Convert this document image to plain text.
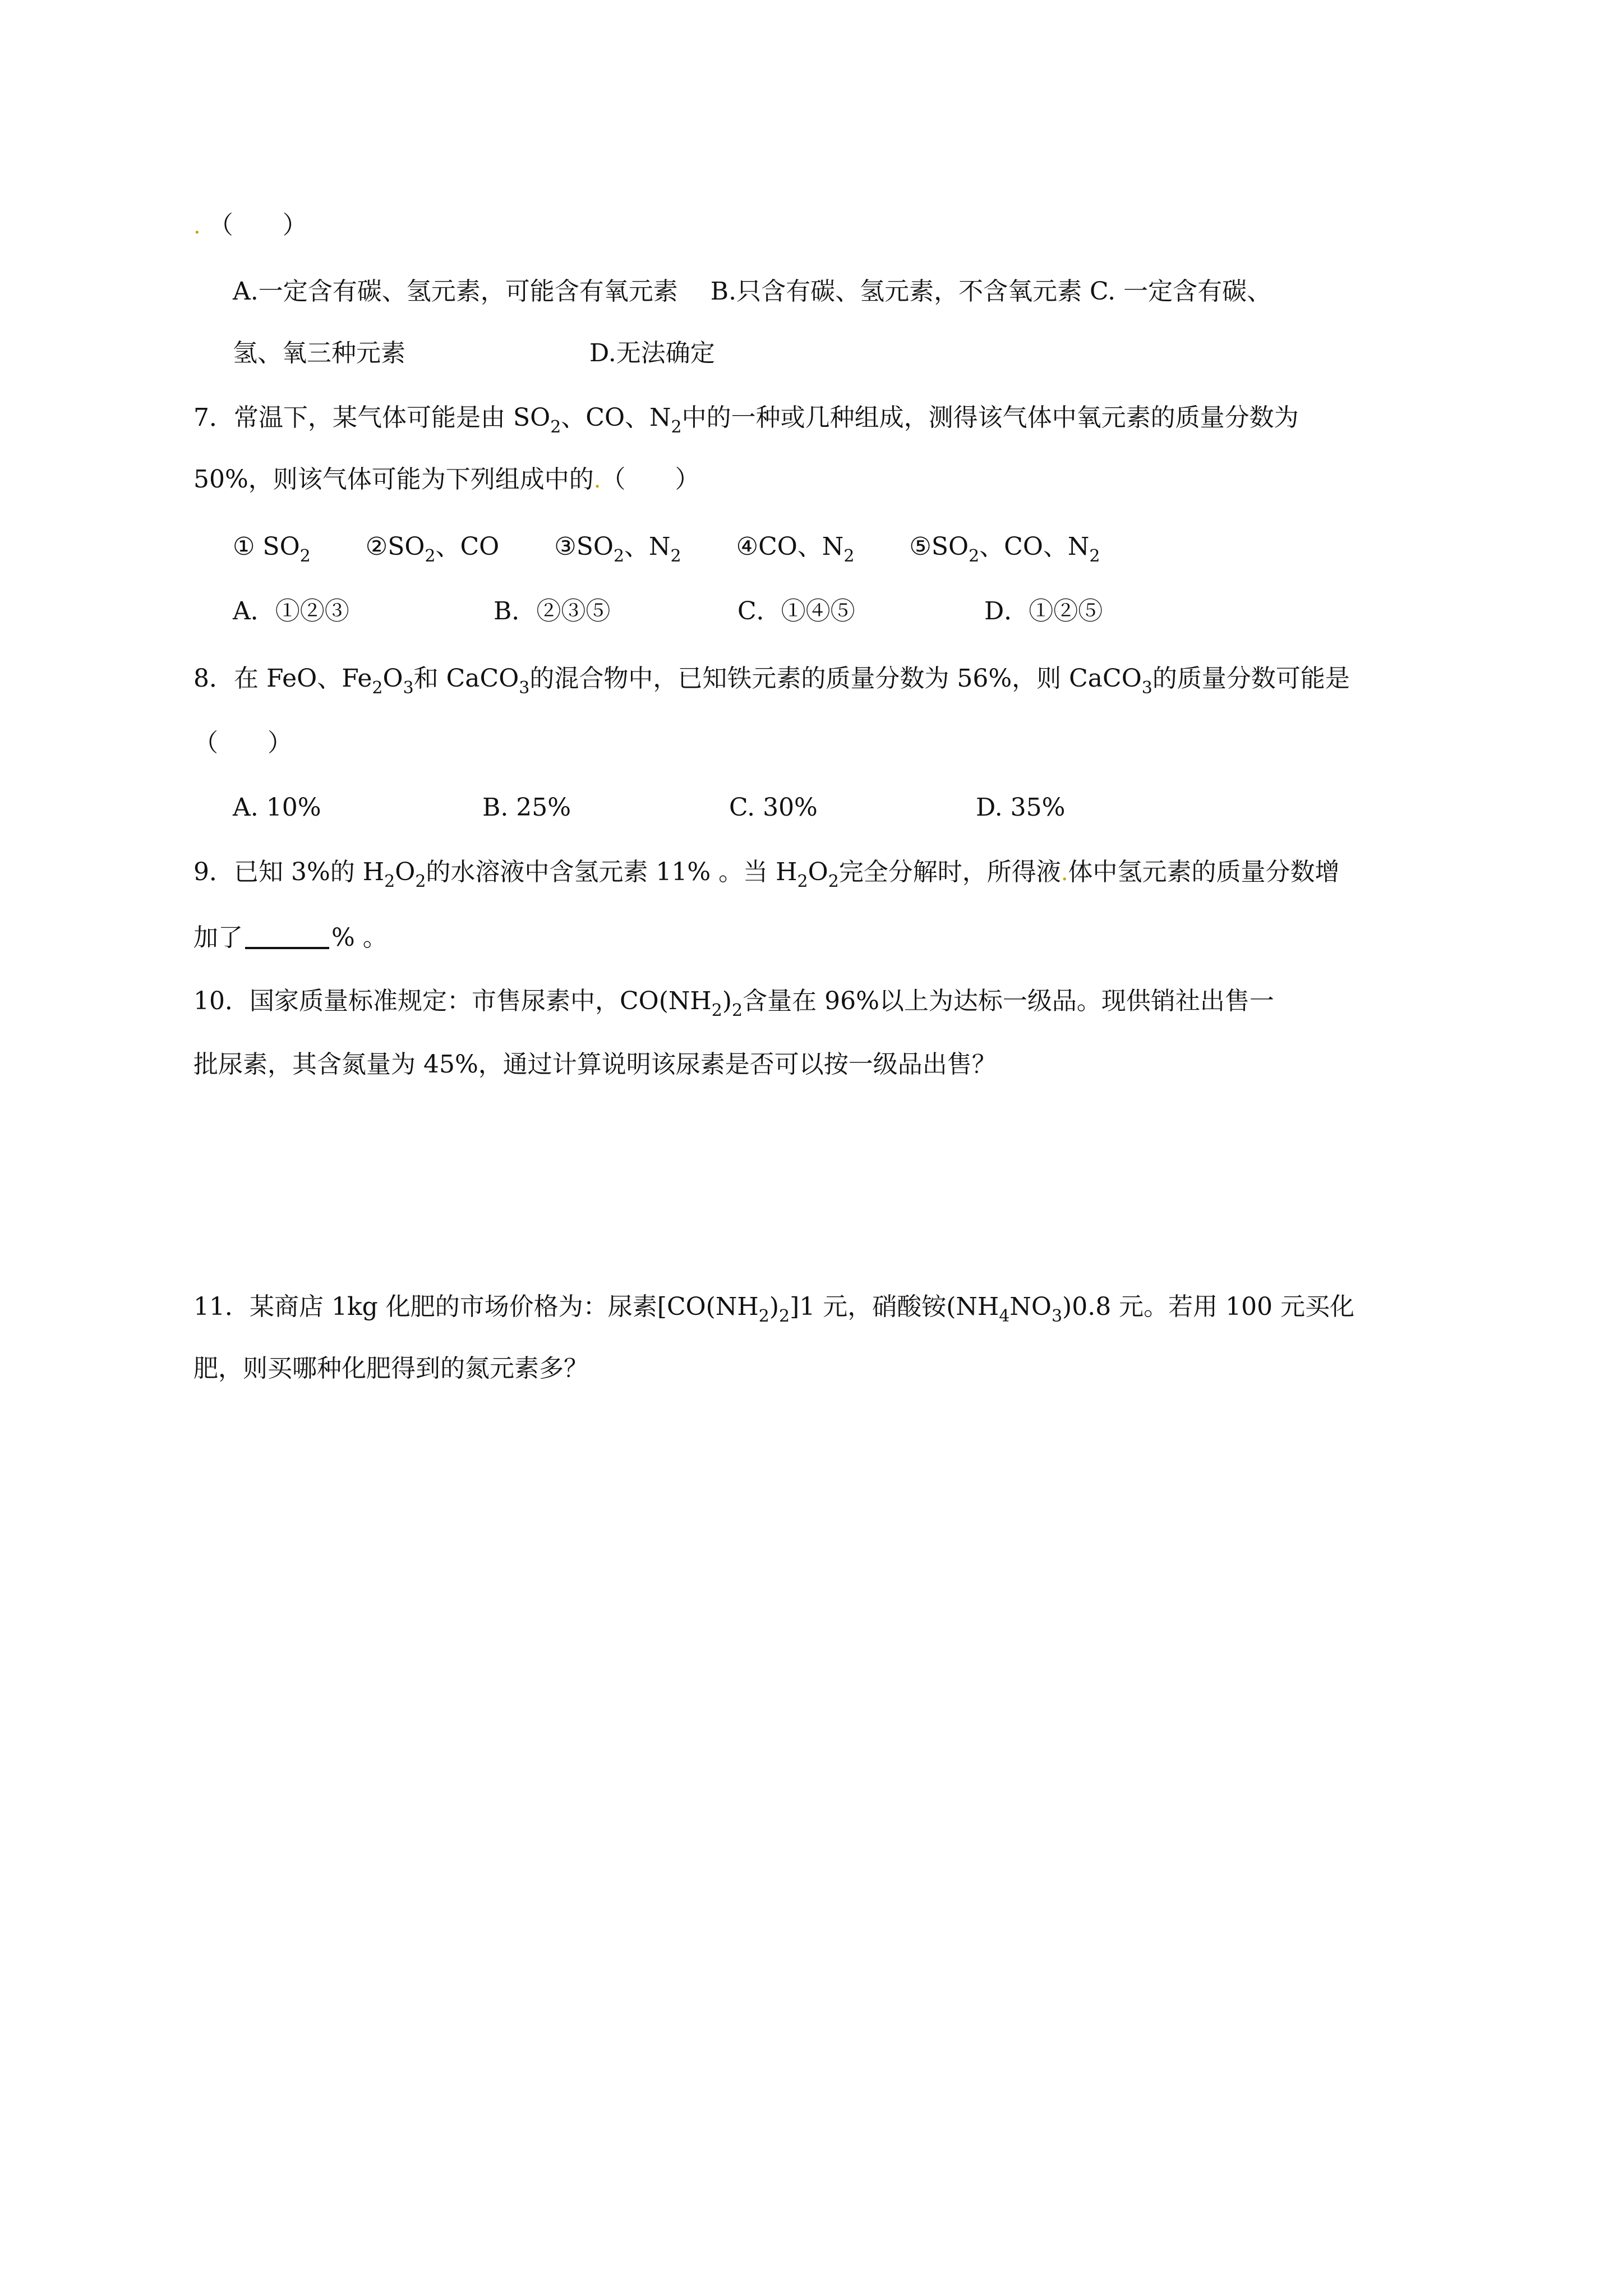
. （　　）
A.一定含有碳、氢元素，可能含有氧元素　 B.只含有碳、氢元素，不含氧元素 C. 一定含有碳、
氢、氧三种元素	D.无法确定
7．常温下，某气体可能是由 $SO_2$、CO、$N_2$中的一种或几种组成，测得该气体中氧元素的质量分数为
50%，则该气体可能为下列组成中的.（　　）
① $SO_2$ $②SO_2$、CO $③SO_2$、$N_2$ ④CO、$N_2$ $⑤SO_2$、CO、$N_2$
A．①②③	B．②③⑤	C．①④⑤	D．①②⑤
8．在 FeO、$Fe_2O_3$和 CaCO$_3$的混合物中，已知铁元素的质量分数为 56%，则 CaCO$_3$的质量分数可能是
（　　）
A. 10%	B. 25%	C. 30%	D. 35%
9．已知 3%的 $H_2O_2$的水溶液中含氢元素 11% 。当 $H_2O_2$完全分解时，所得液.体中氢元素的质量分数增
加了	% 。
10．国家质量标准规定：市售尿素中，$CO(NH_2)_2$含量在 96%以上为达标一级品。现供销社出售一
批尿素，其含氮量为 45%，通过计算说明该尿素是否可以按一级品出售？
11．某商店 1kg 化肥的市场价格为：尿素$[CO(NH_2)_2]1$ 元，硝酸铵$(NH_4NO_3)0.8$ 元。若用 100 元买化
肥，则买哪种化肥得到的氮元素多？
